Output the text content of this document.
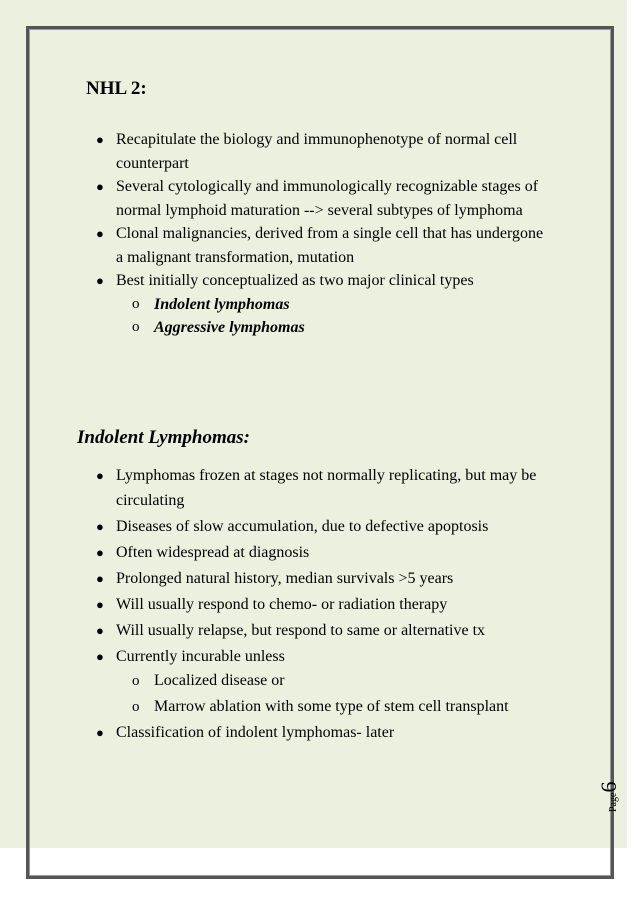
NHL 2:
● Recapitulate the biology and immunophenotype of normal cell counterpart
● Several cytologically and immunologically recognizable stages of normal lymphoid maturation --> several subtypes of lymphoma
● Clonal malignancies, derived from a single cell that has undergone a malignant transformation, mutation
● Best initially conceptualized as two major clinical types
o Indolent lymphomas
o Aggressive lymphomas
Indolent Lymphomas:
● Lymphomas frozen at stages not normally replicating, but may be circulating
● Diseases of slow accumulation, due to defective apoptosis
● Often widespread at diagnosis
● Prolonged natural history, median survivals >5 years
● Will usually respond to chemo- or radiation therapy
● Will usually relapse, but respond to same or alternative tx
● Currently incurable unless
o Localized disease or
o Marrow ablation with some type of stem cell transplant
● Classification of indolent lymphomas- later
Page6
